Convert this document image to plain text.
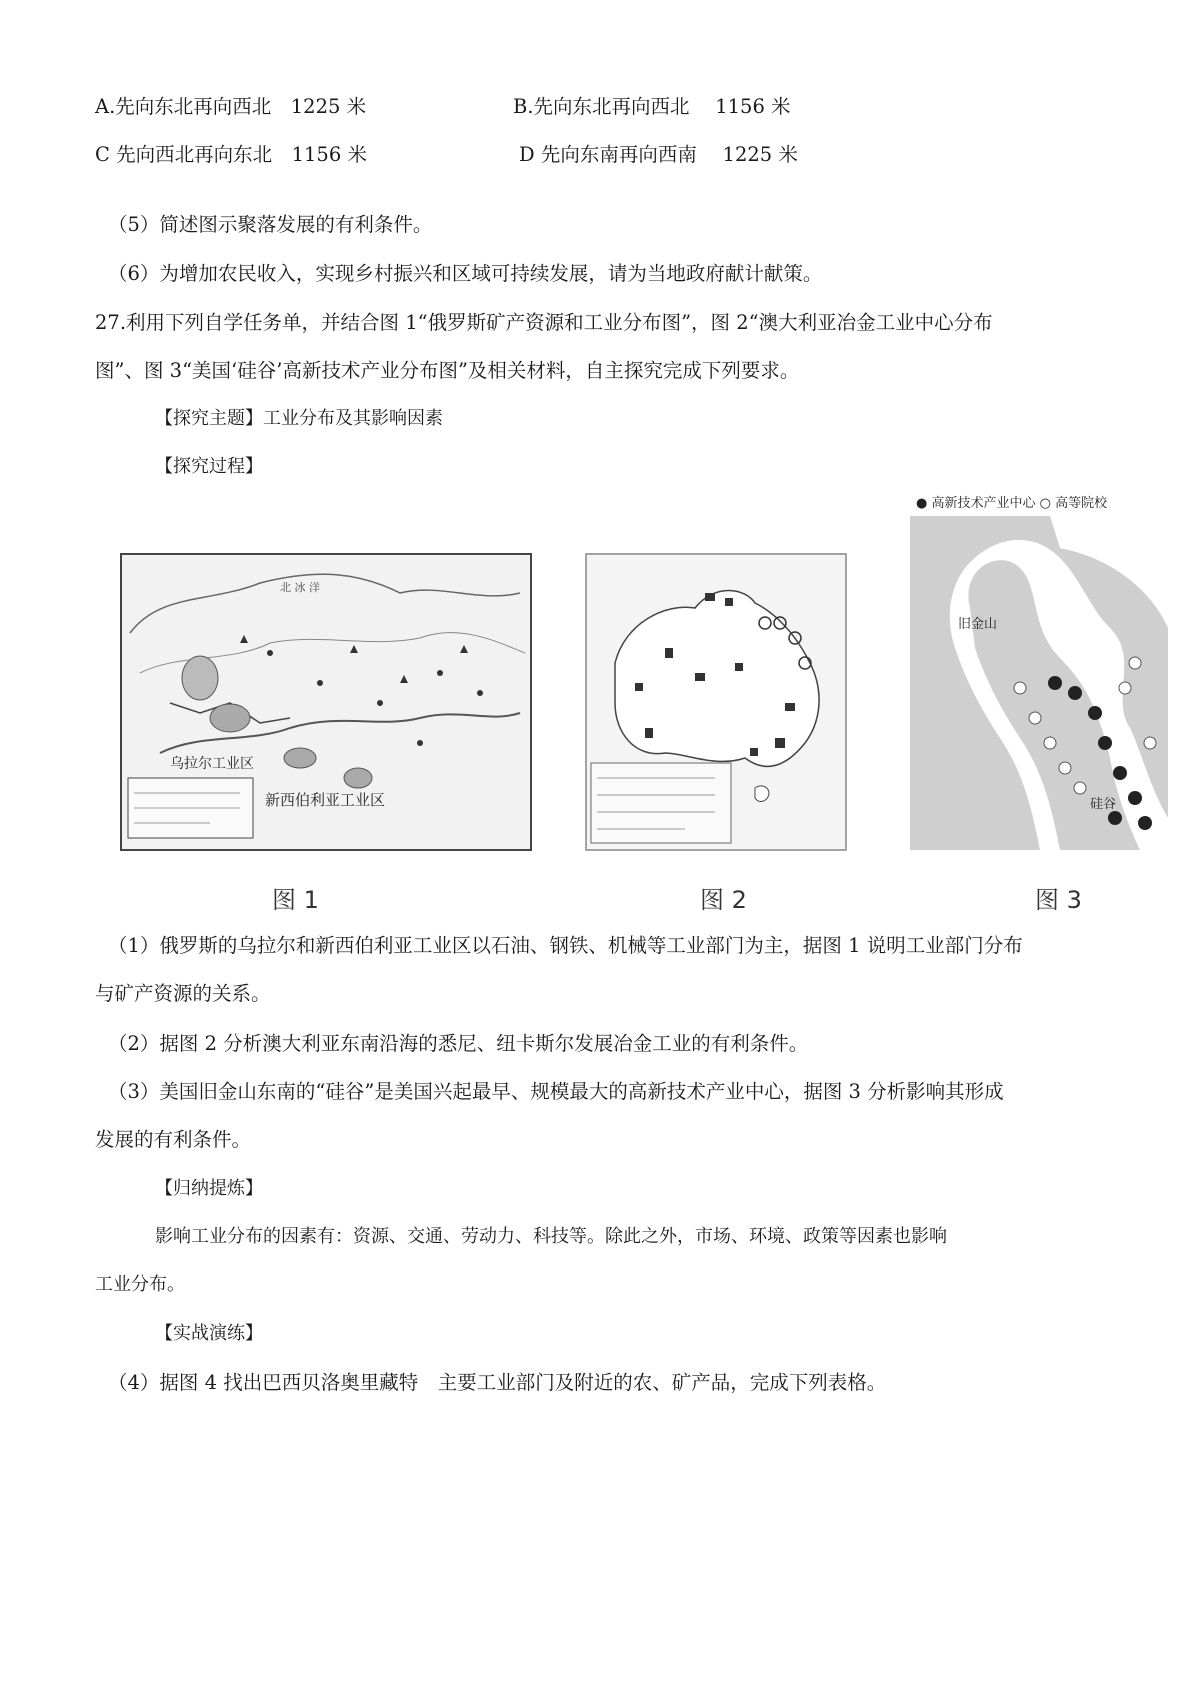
A.先向东北再向西北　1225 米	B.先向东北再向西北　 1156 米
C 先向西北再向东北　1156 米	D 先向东南再向西南　 1225 米
（5）简述图示聚落发展的有利条件。
（6）为增加农民收入，实现乡村振兴和区域可持续发展，请为当地政府献计献策。
27.利用下列自学任务单，并结合图 1“俄罗斯矿产资源和工业分布图”，图 2“澳大利亚冶金工业中心分布
图”、图 3“美国‘硅谷’高新技术产业分布图”及相关材料，自主探究完成下列要求。
【探究主题】工业分布及其影响因素
【探究过程】
北 冰 洋
乌拉尔工业区
新西伯利亚工业区
图 1	图 2
● 高新技术产业中心 ○ 高等院校
旧金山
硅谷
图 3
（1）俄罗斯的乌拉尔和新西伯利亚工业区以石油、钢铁、机械等工业部门为主，据图 1 说明工业部门分布
与矿产资源的关系。
（2）据图 2 分析澳大利亚东南沿海的悉尼、纽卡斯尔发展冶金工业的有利条件。
（3）美国旧金山东南的“硅谷”是美国兴起最早、规模最大的高新技术产业中心，据图 3 分析影响其形成
发展的有利条件。
【归纳提炼】
影响工业分布的因素有：资源、交通、劳动力、科技等。除此之外，市场、环境、政策等因素也影响
工业分布。
【实战演练】
（4）据图 4 找出巴西贝洛奥里藏特　主要工业部门及附近的农、矿产品，完成下列表格。
